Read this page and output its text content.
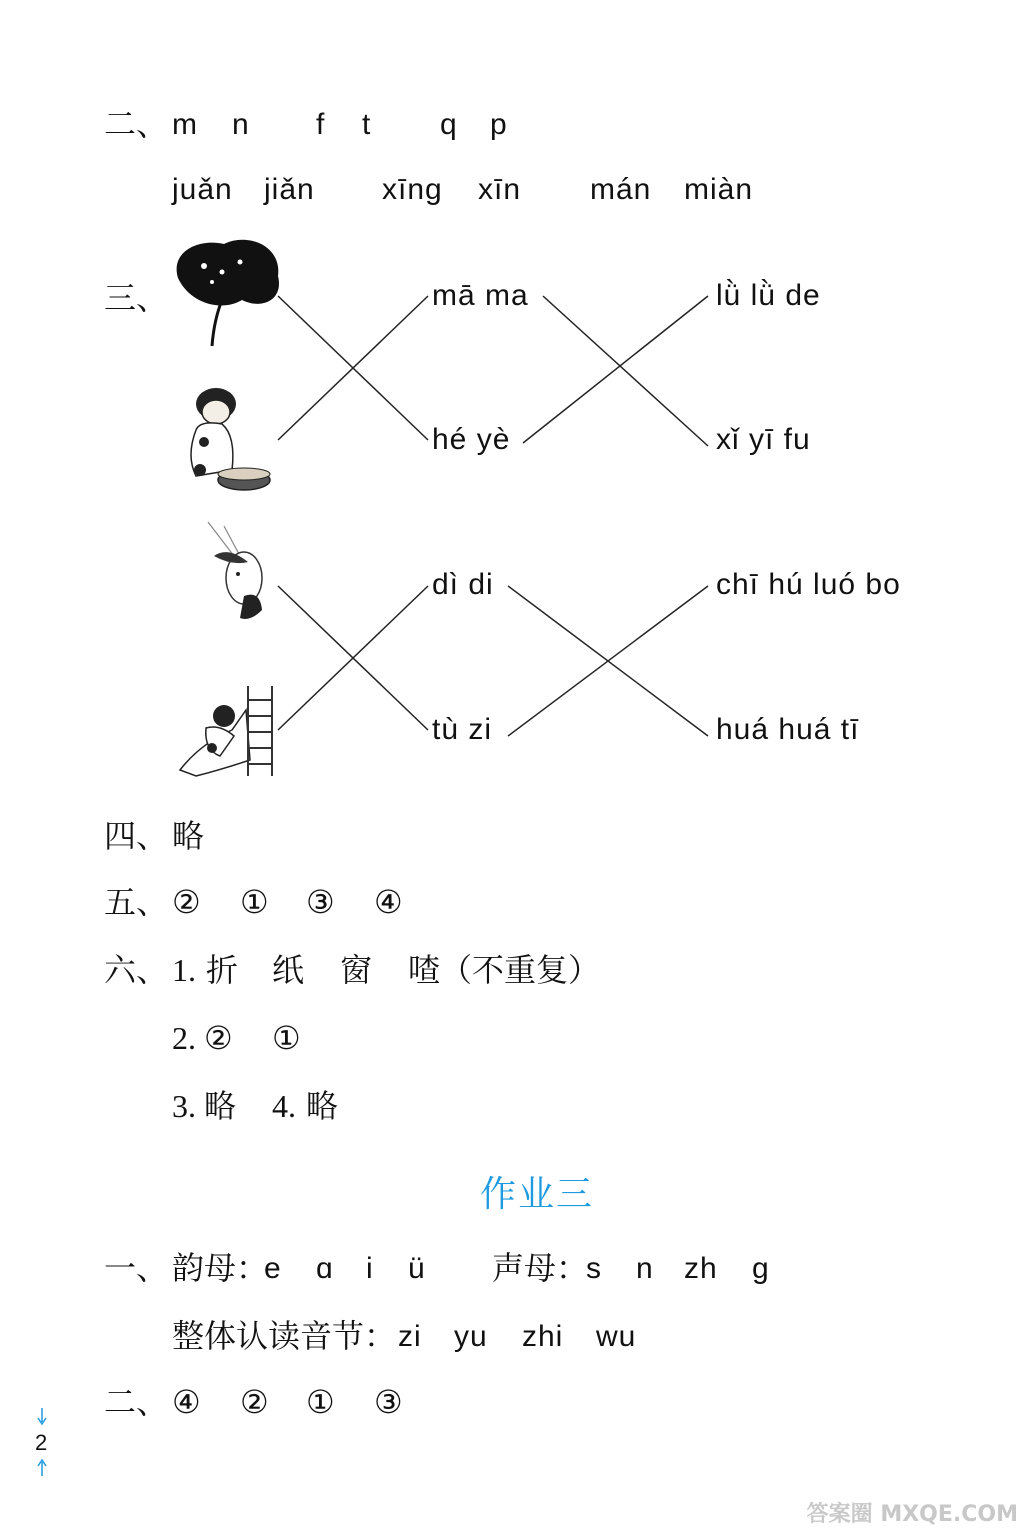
二、 m n f t q p
juǎn jiǎn xīng xīn mán miàn
三、	mā ma
hé yè
dì di
tù zi
lǜ lǜ de
xǐ yī fu
chī hú luó bo
huá huá tī
四、 略
五、 ② ① ③ ④
六、 1. 折 纸 窗 喳（不重复）
2. ② ①
3. 略 4. 略
作业三
一、 韵母：
e ɑ i ü 声母：
s n zh g
整体认读音节： zi yu zhi wu
二、 ④ ② ① ③
2
答案圈 MXQE.COM
